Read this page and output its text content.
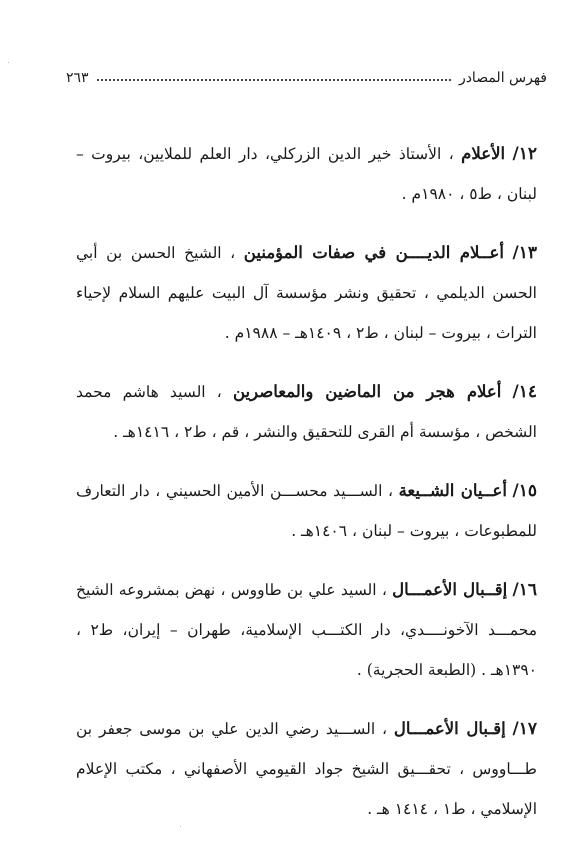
فهرس المصادر
٢٦٣

١٢/ الأعلام ، الأستاذ خير الدين الزركلي، دار العلم للملايين، بيروت – لبنان ، ط٥ ، ١٩٨٠م .

١٣/ أعــلام الديــــن في صفات المؤمنين ، الشيخ الحسن بن أبي الحسن الديلمي ، تحقيق ونشر مؤسسة آل البيت عليهم السلام لإحياء التراث ، بيروت – لبنان ، ط٢ ، ١٤٠٩هـ – ١٩٨٨م .

١٤/ أعلام هجر من الماضين والمعاصرين ، السيد هاشم محمد الشخص ، مؤسسة أم القرى للتحقيق والنشر ، قم ، ط٢ ، ١٤١٦هـ .

١٥/ أعــيان الشــيعة ، الســـيد محســـن الأمين الحسيني ، دار التعارف للمطبوعات ، بيروت – لبنان ، ١٤٠٦هـ .

١٦/ إقــبال الأعمـــال ، السيد علي بن طاووس ، نهض بمشروعه الشيخ محمـــد الآخونــــدي، دار الكتـــب الإسلامية، طهران – إيران، ط٢ ، ١٣٩٠هـ . (الطبعة الحجرية) .

١٧/ إقـبال الأعمـــال ، الســـيد رضي الدين علي بن موسى جعفر بن طـــاووس ، تحقـــيق الشيخ جواد القيومي الأصفهاني ، مكتب الإعلام الإسلامي ، ط١ ، ١٤١٤ هـ .
